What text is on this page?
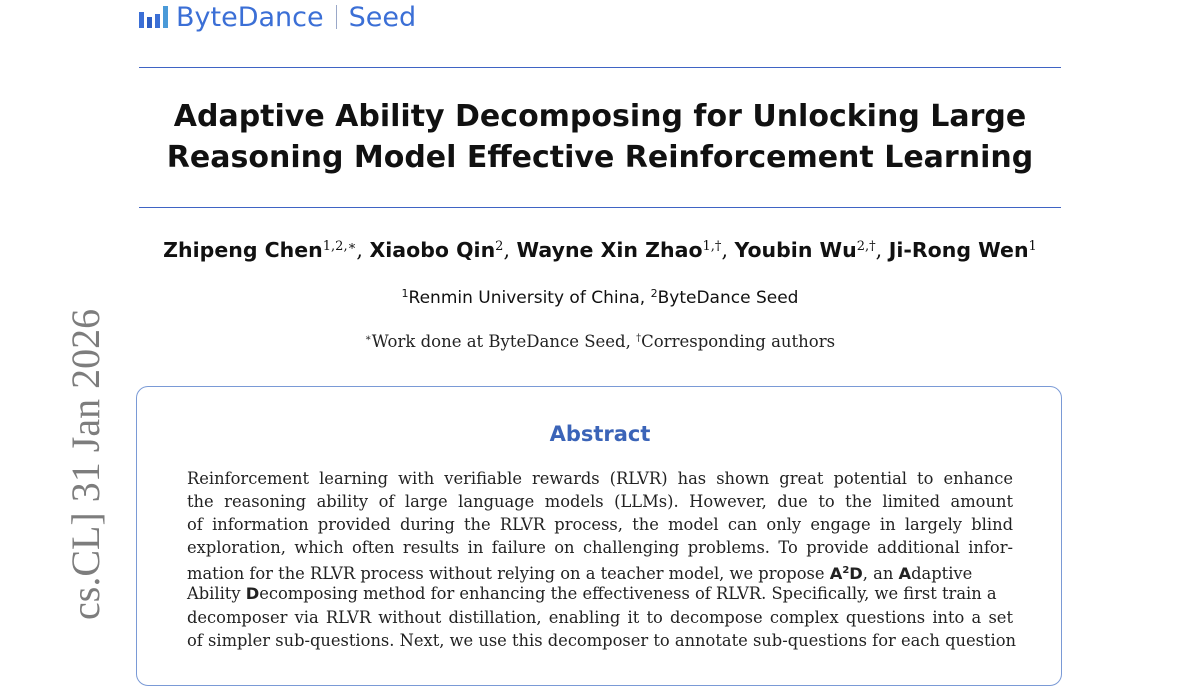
ByteDance Seed
Adaptive Ability Decomposing for Unlocking Large
Reasoning Model Effective Reinforcement Learning
Zhipeng Chen$^{1,2,∗}$, Xiaobo Qin$^2$, Wayne Xin Zhao$^{1,\dagger}$, Youbin $Wu^{2,\dagger}$, Ji-Rong Wen$^1$
$^1$Renmin University of China, $^2$ByteDance Seed
∗Work done at ByteDance Seed, †Corresponding authors
Abstract
Reinforcement learning with verifiable rewards (RLVR) has shown great potential to enhance
the reasoning ability of large language models (LLMs). However, due to the limited amount
of information provided during the RLVR process, the model can only engage in largely blind
exploration, which often results in failure on challenging problems. To provide additional infor-
mation for the RLVR process without relying on a teacher model, we propose $A^2D$, an Adaptive
Ability Decomposing method for enhancing the effectiveness of RLVR. Specifically, we first train a
decomposer via RLVR without distillation, enabling it to decompose complex questions into a set
of simpler sub-questions. Next, we use this decomposer to annotate sub-questions for each question
cs.CL] 31 Jan 2026
